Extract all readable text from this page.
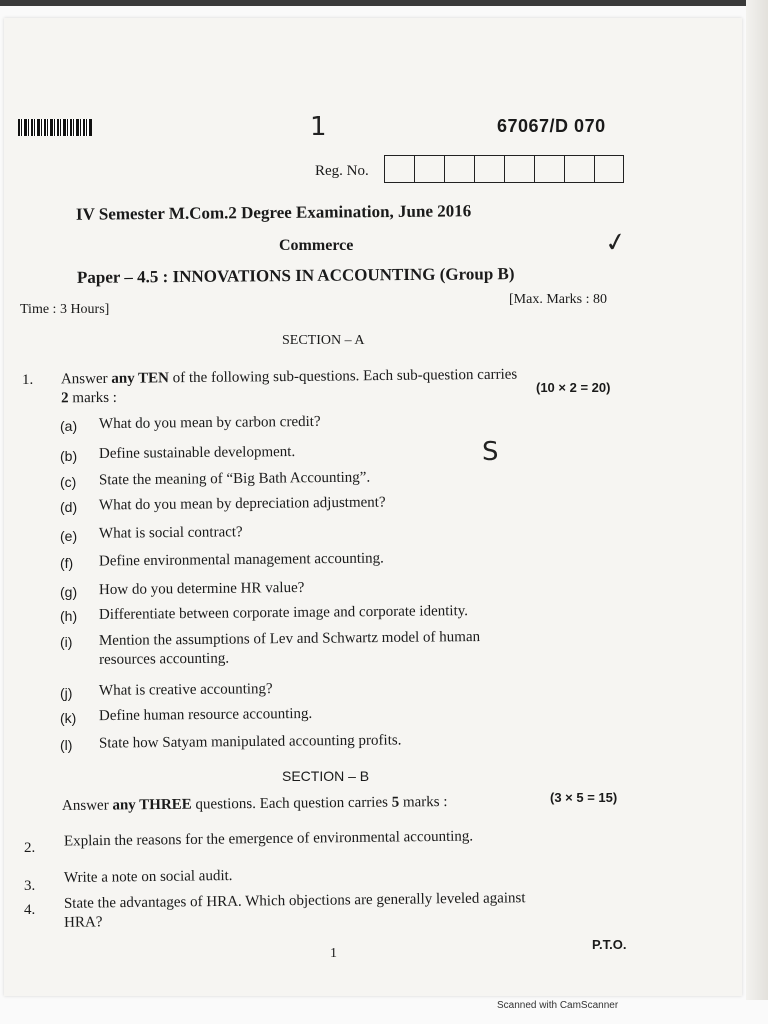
1	67067/D 070
Reg. No.
IV Semester M.Com.2 Degree Examination, June 2016
Commerce	✓
Paper – 4.5 : INNOVATIONS IN ACCOUNTING (Group B)
Time : 3 Hours]
[Max. Marks : 80
SECTION – A
1. Answer any TEN of the following sub-questions. Each sub-question carries
2 marks :
(10 × 2 = 20)
S
(a) What do you mean by carbon credit?
(b) Define sustainable development.
(c) State the meaning of “Big Bath Accounting”.
(d) What do you mean by depreciation adjustment?
(e) What is social contract?
(f) Define environmental management accounting.
(g) How do you determine HR value?
(h) Differentiate between corporate image and corporate identity.
(i) Mention the assumptions of Lev and Schwartz model of human
resources accounting.
(j) What is creative accounting?
(k) Define human resource accounting.
(l) State how Satyam manipulated accounting profits.
SECTION – B
Answer any THREE questions. Each question carries 5 marks :	(3 × 5 = 15)
2. Explain the reasons for the emergence of environmental accounting.
3. Write a note on social audit.
4. State the advantages of HRA. Which objections are generally leveled against
HRA?
1
P.T.O.
Scanned with CamScanner
